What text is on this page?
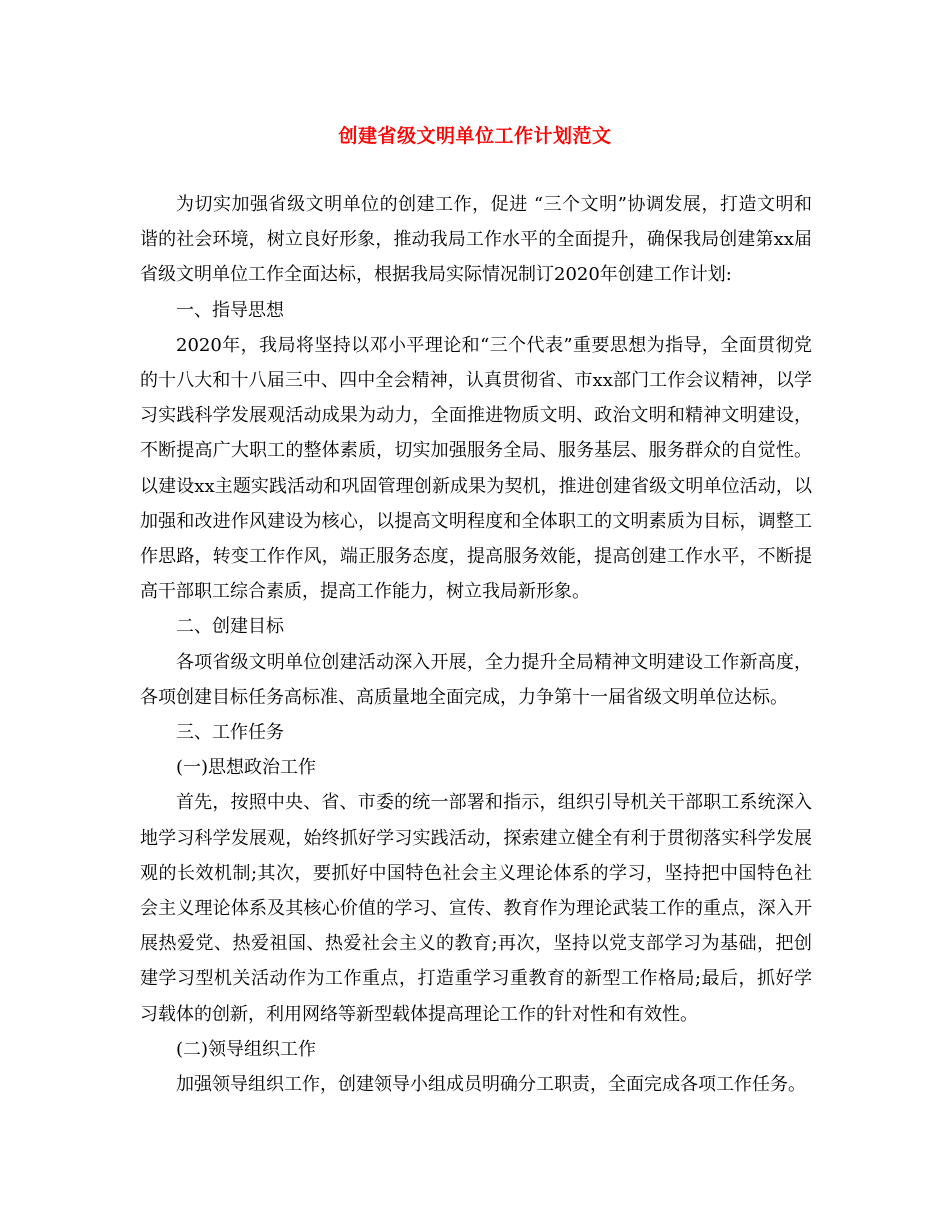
创建省级文明单位工作计划范文

为切实加强省级文明单位的创建工作，促进 “三个文明”协调发展，打造文明和谐的社会环境，树立良好形象，推动我局工作水平的全面提升，确保我局创建第xx届省级文明单位工作全面达标，根据我局实际情况制订2020年创建工作计划:

一、指导思想

2020年，我局将坚持以邓小平理论和“三个代表”重要思想为指导，全面贯彻党的十八大和十八届三中、四中全会精神，认真贯彻省、市xx部门工作会议精神，以学习实践科学发展观活动成果为动力，全面推进物质文明、政治文明和精神文明建设，不断提高广大职工的整体素质，切实加强服务全局、服务基层、服务群众的自觉性。以建设xx主题实践活动和巩固管理创新成果为契机，推进创建省级文明单位活动，以加强和改进作风建设为核心，以提高文明程度和全体职工的文明素质为目标，调整工作思路，转变工作作风，端正服务态度，提高服务效能，提高创建工作水平，不断提高干部职工综合素质，提高工作能力，树立我局新形象。

二、创建目标

各项省级文明单位创建活动深入开展，全力提升全局精神文明建设工作新高度，各项创建目标任务高标准、高质量地全面完成，力争第十一届省级文明单位达标。

三、工作任务

(一)思想政治工作

首先，按照中央、省、市委的统一部署和指示，组织引导机关干部职工系统深入地学习科学发展观，始终抓好学习实践活动，探索建立健全有利于贯彻落实科学发展观的长效机制;其次，要抓好中国特色社会主义理论体系的学习，坚持把中国特色社会主义理论体系及其核心价值的学习、宣传、教育作为理论武装工作的重点，深入开展热爱党、热爱祖国、热爱社会主义的教育;再次，坚持以党支部学习为基础，把创建学习型机关活动作为工作重点，打造重学习重教育的新型工作格局;最后，抓好学习载体的创新，利用网络等新型载体提高理论工作的针对性和有效性。

(二)领导组织工作

加强领导组织工作，创建领导小组成员明确分工职责，全面完成各项工作任务。
